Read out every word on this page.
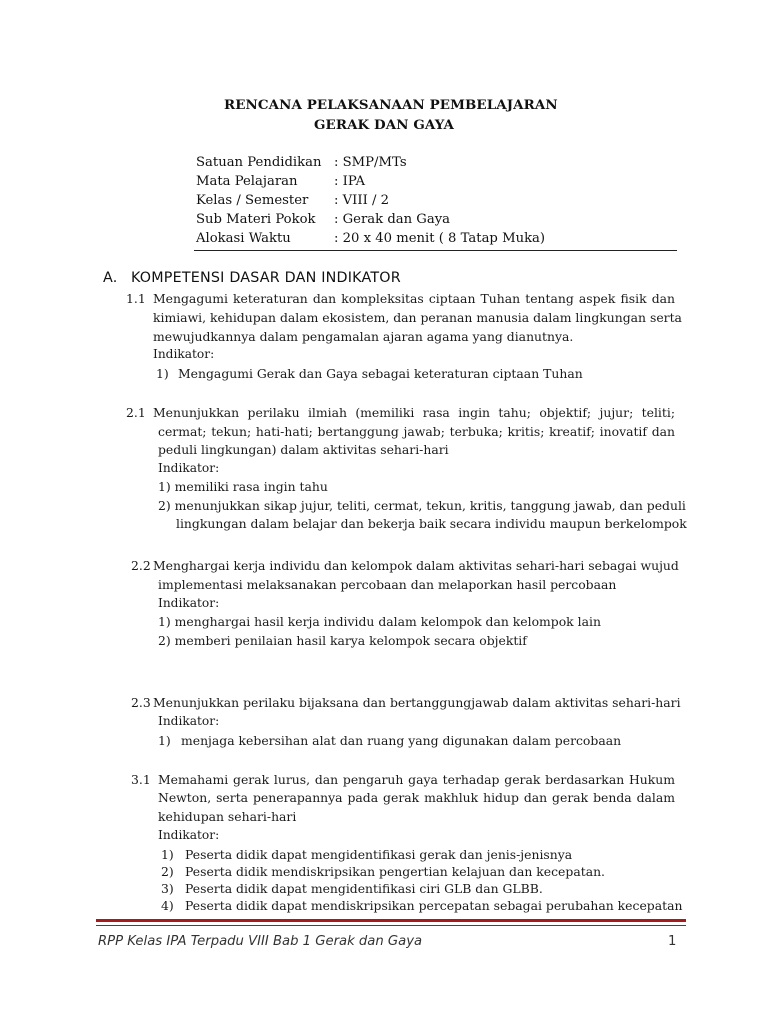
RENCANA PELAKSANAAN PEMBELAJARAN
GERAK DAN GAYA
Satuan Pendidikan : SMP/MTs
Mata Pelajaran	: IPA
Kelas / Semester : VIII / 2
Sub Materi Pokok : Gerak dan Gaya
Alokasi Waktu	: 20 x 40 menit ( 8 Tatap Muka)
A. KOMPETENSI DASAR DAN INDIKATOR
1.1 Mengagumi keteraturan dan kompleksitas ciptaan Tuhan tentang aspek fisik dan
kimiawi, kehidupan dalam ekosistem, dan peranan manusia dalam lingkungan serta
mewujudkannya dalam pengamalan ajaran agama yang dianutnya.
Indikator:
1) Mengagumi Gerak dan Gaya sebagai keteraturan ciptaan Tuhan
2.1 Menunjukkan perilaku ilmiah (memiliki rasa ingin tahu; objektif; jujur; teliti;
cermat; tekun; hati-hati; bertanggung jawab; terbuka; kritis; kreatif; inovatif dan
peduli lingkungan) dalam aktivitas sehari-hari
Indikator:
1) memiliki rasa ingin tahu
2) menunjukkan sikap jujur, teliti, cermat, tekun, kritis, tanggung jawab, dan peduli
lingkungan dalam belajar dan bekerja baik secara individu maupun berkelompok
2.2 Menghargai kerja individu dan kelompok dalam aktivitas sehari-hari sebagai wujud
implementasi melaksanakan percobaan dan melaporkan hasil percobaan
Indikator:
1) menghargai hasil kerja individu dalam kelompok dan kelompok lain
2) memberi penilaian hasil karya kelompok secara objektif
2.3 Menunjukkan perilaku bijaksana dan bertanggungjawab dalam aktivitas sehari-hari
Indikator:
1) menjaga kebersihan alat dan ruang yang digunakan dalam percobaan
3.1 Memahami gerak lurus, dan pengaruh gaya terhadap gerak berdasarkan Hukum
Newton, serta penerapannya pada gerak makhluk hidup dan gerak benda dalam
kehidupan sehari-hari
Indikator:
1) Peserta didik dapat mengidentifikasi gerak dan jenis-jenisnya
2) Peserta didik mendiskripsikan pengertian kelajuan dan kecepatan.
3) Peserta didik dapat mengidentifikasi ciri GLB dan GLBB.
4) Peserta didik dapat mendiskripsikan percepatan sebagai perubahan kecepatan
RPP Kelas IPA Terpadu VIII Bab 1 Gerak dan Gaya	1
